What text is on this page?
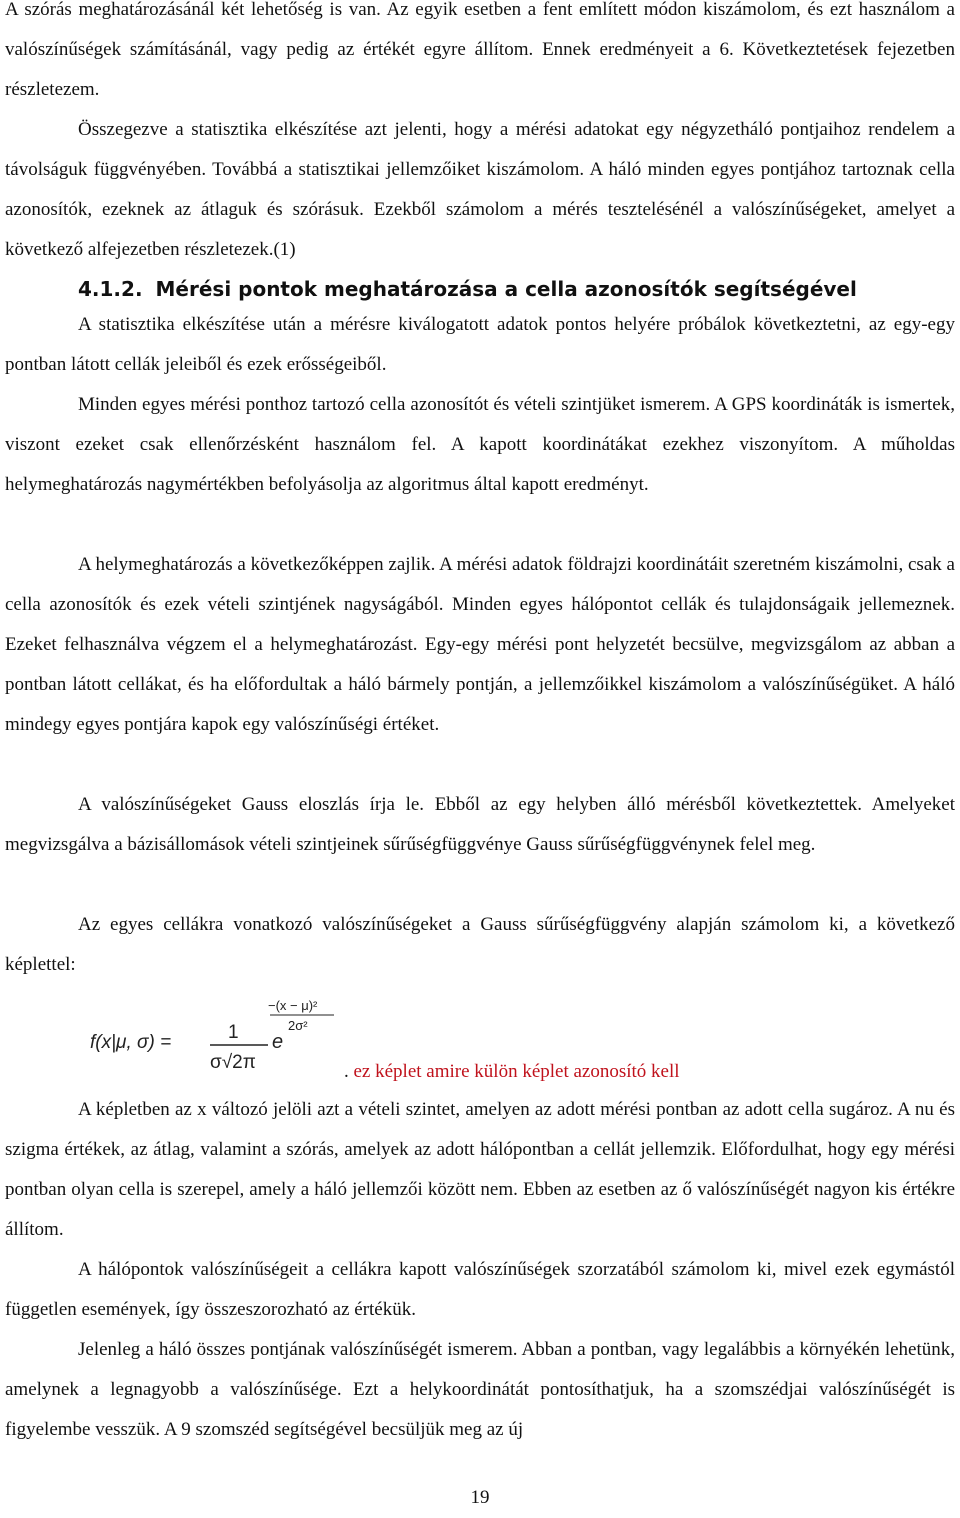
A szórás meghatározásánál két lehetőség is van. Az egyik esetben a fent említett módon kiszámolom, és ezt használom a valószínűségek számításánál, vagy pedig az értékét egyre állítom. Ennek eredményeit a 6. Következtetések fejezetben részletezem.

Összegezve a statisztika elkészítése azt jelenti, hogy a mérési adatokat egy négyzetháló pontjaihoz rendelem a távolságuk függvényében. Továbbá a statisztikai jellemzőiket kiszámolom. A háló minden egyes pontjához tartoznak cella azonosítók, ezeknek az átlaguk és szórásuk. Ezekből számolom a mérés tesztelésénél a valószínűségeket, amelyet a következő alfejezetben részletezek.(1)

4.1.2. Mérési pontok meghatározása a cella azonosítók segítségével

A statisztika elkészítése után a mérésre kiválogatott adatok pontos helyére próbálok következtetni, az egy-egy pontban látott cellák jeleiből és ezek erősségeiből.

Minden egyes mérési ponthoz tartozó cella azonosítót és vételi szintjüket ismerem. A GPS koordináták is ismertek, viszont ezeket csak ellenőrzésként használom fel. A kapott koordinátákat ezekhez viszonyítom. A műholdas helymeghatározás nagymértékben befolyásolja az algoritmus által kapott eredményt.

A helymeghatározás a következőképpen zajlik. A mérési adatok földrajzi koordinátáit szeretném kiszámolni, csak a cella azonosítók és ezek vételi szintjének nagyságából. Minden egyes hálópontot cellák és tulajdonságaik jellemeznek. Ezeket felhasználva végzem el a helymeghatározást. Egy-egy mérési pont helyzetét becsülve, megvizsgálom az abban a pontban látott cellákat, és ha előfordultak a háló bármely pontján, a jellemzőikkel kiszámolom a valószínűségüket. A háló mindegy egyes pontjára kapok egy valószínűségi értéket.

A valószínűségeket Gauss eloszlás írja le. Ebből az egy helyben álló mérésből következtettek. Amelyeket megvizsgálva a bázisállomások vételi szintjeinek sűrűségfüggvénye Gauss sűrűségfüggvénynek felel meg.

Az egyes cellákra vonatkozó valószínűségeket a Gauss sűrűségfüggvény alapján számolom ki, a következő képlettel:

f(x|μ, σ) =	1
σ√2π
e
−(x − μ)²
2σ²

. ez képlet amire külön képlet azonosító kell

A képletben az x változó jelöli azt a vételi szintet, amelyen az adott mérési pontban az adott cella sugároz. A nu és szigma értékek, az átlag, valamint a szórás, amelyek az adott hálópontban a cellát jellemzik. Előfordulhat, hogy egy mérési pontban olyan cella is szerepel, amely a háló jellemzői között nem. Ebben az esetben az ő valószínűségét nagyon kis értékre állítom.

A hálópontok valószínűségeit a cellákra kapott valószínűségek szorzatából számolom ki, mivel ezek egymástól független események, így összeszorozható az értékük.

Jelenleg a háló összes pontjának valószínűségét ismerem. Abban a pontban, vagy legalábbis a környékén lehetünk, amelynek a legnagyobb a valószínűsége. Ezt a helykoordinátát pontosíthatjuk, ha a szomszédjai valószínűségét is figyelembe vesszük. A 9 szomszéd segítségével becsüljük meg az új

19
